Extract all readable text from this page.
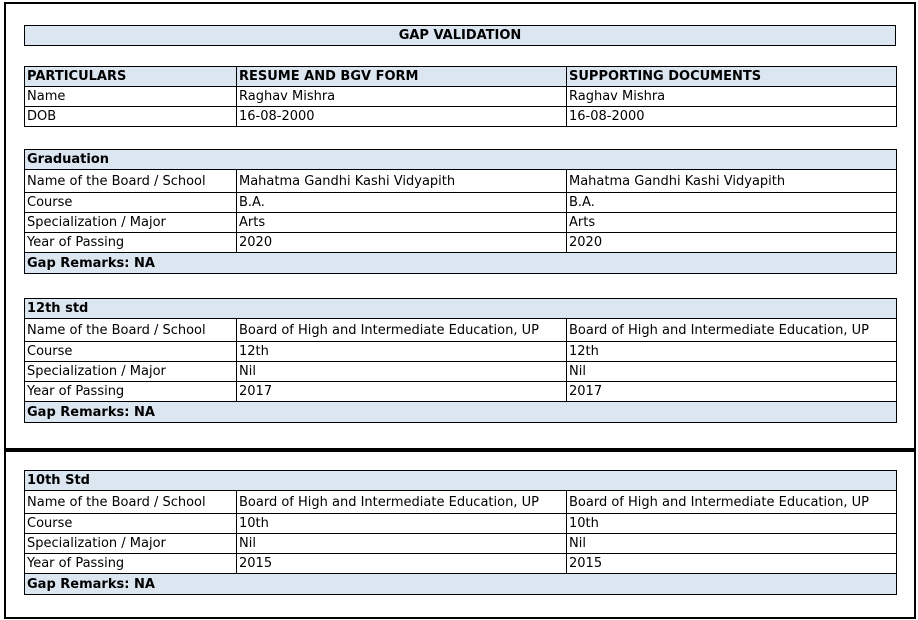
GAP VALIDATION
PARTICULARS	RESUME AND BGV FORM	SUPPORTING DOCUMENTS
Name	Raghav Mishra	Raghav Mishra
DOB	16-08-2000	16-08-2000
Graduation		
Name of the Board / School	Mahatma Gandhi Kashi Vidyapith	Mahatma Gandhi Kashi Vidyapith
Course	B.A.	B.A.
Specialization / Major	Arts	Arts
Year of Passing	2020	2020
Gap Remarks: NA		
12th std		
Name of the Board / School	Board of High and Intermediate Education, UP	Board of High and Intermediate Education, UP
Course	12th	12th
Specialization / Major	Nil	Nil
Year of Passing	2017	2017
Gap Remarks: NA		
10th Std		
Name of the Board / School	Board of High and Intermediate Education, UP	Board of High and Intermediate Education, UP
Course	10th	10th
Specialization / Major	Nil	Nil
Year of Passing	2015	2015
Gap Remarks: NA		
